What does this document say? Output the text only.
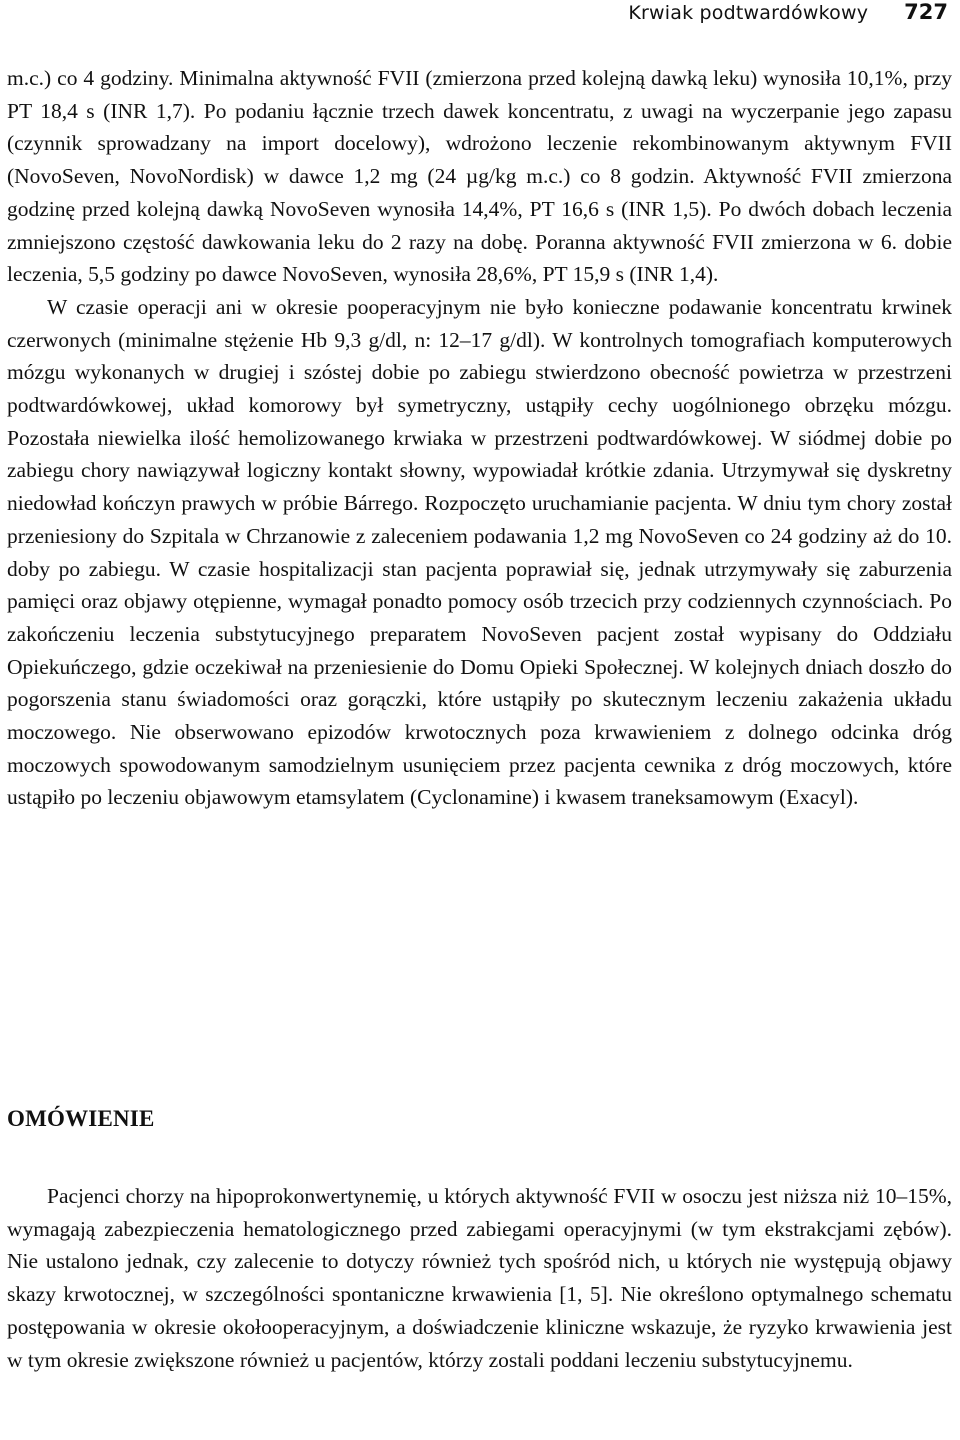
Krwiak podtwardówkowy 727

m.c.) co 4 godziny. Minimalna aktywność FVII (zmierzona przed kolejną dawką leku) wynosiła 10,1%, przy PT 18,4 s (INR 1,7). Po podaniu łącznie trzech dawek koncentratu, z uwagi na wyczerpanie jego zapasu (czynnik sprowadzany na import docelowy), wdrożono leczenie rekombinowanym aktywnym FVII (NovoSeven, NovoNordisk) w dawce 1,2 mg (24 µg/kg m.c.) co 8 godzin. Aktywność FVII zmierzona godzinę przed kolejną dawką NovoSeven wynosiła 14,4%, PT 16,6 s (INR 1,5). Po dwóch dobach leczenia zmniejszono częstość dawkowania leku do 2 razy na dobę. Poranna aktywność FVII zmierzona w 6. dobie leczenia, 5,5 godziny po dawce NovoSeven, wynosiła 28,6%, PT 15,9 s (INR 1,4).

W czasie operacji ani w okresie pooperacyjnym nie było konieczne podawanie koncentratu krwinek czerwonych (minimalne stężenie Hb 9,3 g/dl, n: 12–17 g/dl). W kontrolnych tomografiach komputerowych mózgu wykonanych w drugiej i szóstej dobie po zabiegu stwierdzono obecność powietrza w przestrzeni podtwardówkowej, układ komorowy był symetryczny, ustąpiły cechy uogólnionego obrzęku mózgu. Pozostała niewielka ilość hemolizowanego krwiaka w przestrzeni podtwardówkowej. W siódmej dobie po zabiegu chory nawiązywał logiczny kontakt słowny, wypowiadał krótkie zdania. Utrzymywał się dyskretny niedowład kończyn prawych w próbie Bárrego. Rozpoczęto uruchamianie pacjenta. W dniu tym chory został przeniesiony do Szpitala w Chrzanowie z zaleceniem podawania 1,2 mg NovoSeven co 24 godziny aż do 10. doby po zabiegu. W czasie hospitalizacji stan pacjenta poprawiał się, jednak utrzymywały się zaburzenia pamięci oraz objawy otępienne, wymagał ponadto pomocy osób trzecich przy codziennych czynnościach. Po zakończeniu leczenia substytucyjnego preparatem NovoSeven pacjent został wypisany do Oddziału Opiekuńczego, gdzie oczekiwał na przeniesienie do Domu Opieki Społecznej. W kolejnych dniach doszło do pogorszenia stanu świadomości oraz gorączki, które ustąpiły po skutecznym leczeniu zakażenia układu moczowego. Nie obserwowano epizodów krwotocznych poza krwawieniem z dolnego odcinka dróg moczowych spowodowanym samodzielnym usunięciem przez pacjenta cewnika z dróg moczowych, które ustąpiło po leczeniu objawowym etamsylatem (Cyclonamine) i kwasem traneksamowym (Exacyl).

OMÓWIENIE

Pacjenci chorzy na hipoprokonwertynemię, u których aktywność FVII w osoczu jest niższa niż 10–15%, wymagają zabezpieczenia hematologicznego przed zabiegami operacyjnymi (w tym ekstrakcjami zębów). Nie ustalono jednak, czy zalecenie to dotyczy również tych spośród nich, u których nie występują objawy skazy krwotocznej, w szczególności spontaniczne krwawienia [1, 5]. Nie określono optymalnego schematu postępowania w okresie okołooperacyjnym, a doświadczenie kliniczne wskazuje, że ryzyko krwawienia jest w tym okresie zwiększone również u pacjentów, którzy zostali poddani leczeniu substytucyjnemu.
